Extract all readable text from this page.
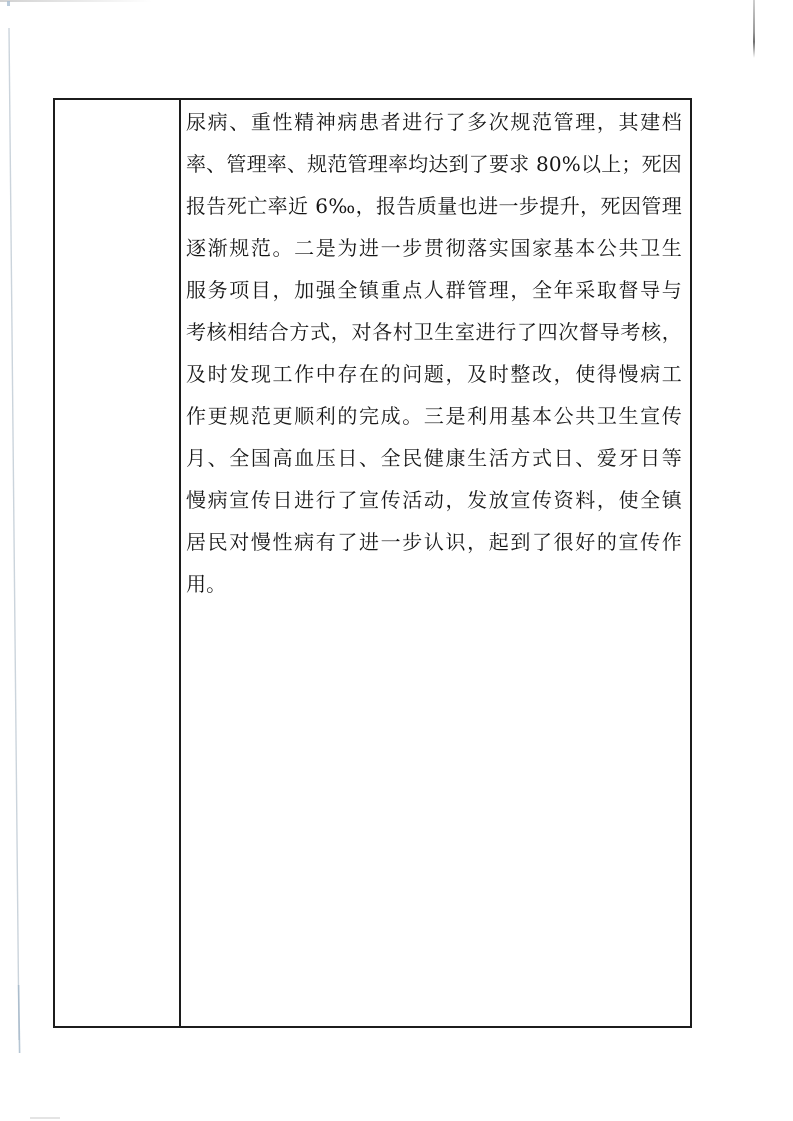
尿病、重性精神病患者进行了多次规范管理，其建档
率、管理率、规范管理率均达到了要求 80%以上；死因
报告死亡率近 6‰，报告质量也进一步提升，死因管理
逐渐规范。二是为进一步贯彻落实国家基本公共卫生
服务项目，加强全镇重点人群管理，全年采取督导与
考核相结合方式，对各村卫生室进行了四次督导考核，
及时发现工作中存在的问题，及时整改，使得慢病工
作更规范更顺利的完成。三是利用基本公共卫生宣传
月、全国高血压日、全民健康生活方式日、爱牙日等
慢病宣传日进行了宣传活动，发放宣传资料，使全镇
居民对慢性病有了进一步认识，起到了很好的宣传作
用。
